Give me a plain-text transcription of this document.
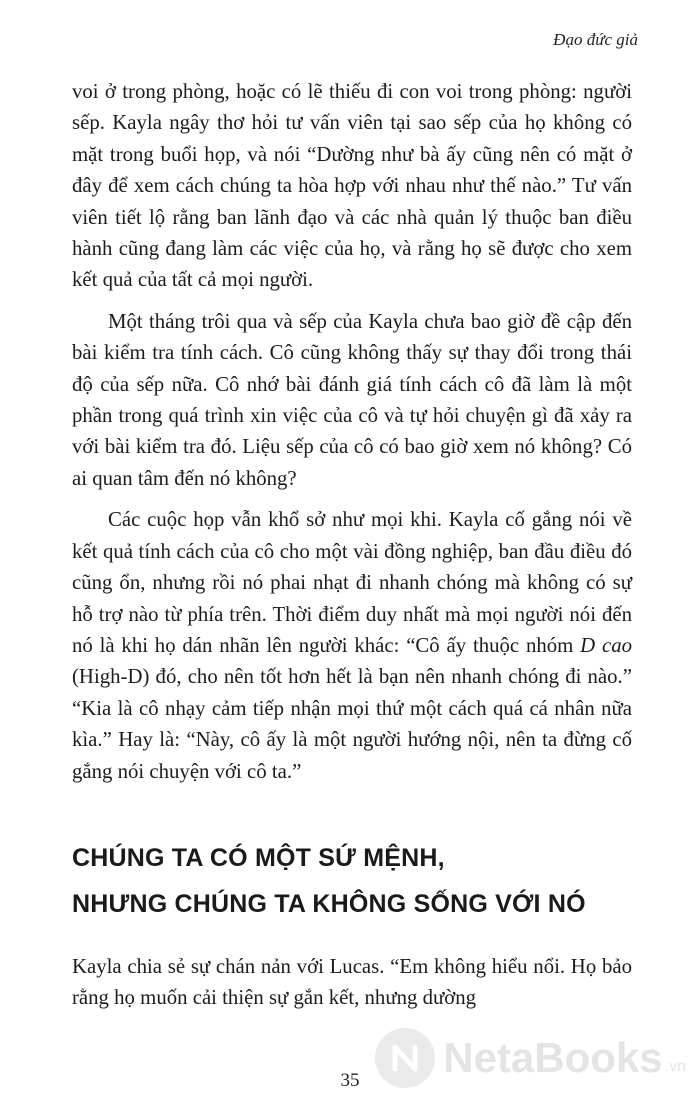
Đạo đức giả

voi ở trong phòng, hoặc có lẽ thiếu đi con voi trong phòng: người sếp. Kayla ngây thơ hỏi tư vấn viên tại sao sếp của họ không có mặt trong buổi họp, và nói “Dường như bà ấy cũng nên có mặt ở đây để xem cách chúng ta hòa hợp với nhau như thế nào.” Tư vấn viên tiết lộ rằng ban lãnh đạo và các nhà quản lý thuộc ban điều hành cũng đang làm các việc của họ, và rằng họ sẽ được cho xem kết quả của tất cả mọi người.

Một tháng trôi qua và sếp của Kayla chưa bao giờ đề cập đến bài kiểm tra tính cách. Cô cũng không thấy sự thay đổi trong thái độ của sếp nữa. Cô nhớ bài đánh giá tính cách cô đã làm là một phần trong quá trình xin việc của cô và tự hỏi chuyện gì đã xảy ra với bài kiểm tra đó. Liệu sếp của cô có bao giờ xem nó không? Có ai quan tâm đến nó không?

Các cuộc họp vẫn khổ sở như mọi khi. Kayla cố gắng nói về kết quả tính cách của cô cho một vài đồng nghiệp, ban đầu điều đó cũng ổn, nhưng rồi nó phai nhạt đi nhanh chóng mà không có sự hỗ trợ nào từ phía trên. Thời điểm duy nhất mà mọi người nói đến nó là khi họ dán nhãn lên người khác: “Cô ấy thuộc nhóm D cao (High-D) đó, cho nên tốt hơn hết là bạn nên nhanh chóng đi nào.” “Kia là cô nhạy cảm tiếp nhận mọi thứ một cách quá cá nhân nữa kìa.” Hay là: “Này, cô ấy là một người hướng nội, nên ta đừng cố gắng nói chuyện với cô ta.”

CHÚNG TA CÓ MỘT SỨ MỆNH,
NHƯNG CHÚNG TA KHÔNG SỐNG VỚI NÓ

Kayla chia sẻ sự chán nản với Lucas. “Em không hiểu nổi. Họ bảo rằng họ muốn cải thiện sự gắn kết, nhưng dường

35	NetaBooks .vn
